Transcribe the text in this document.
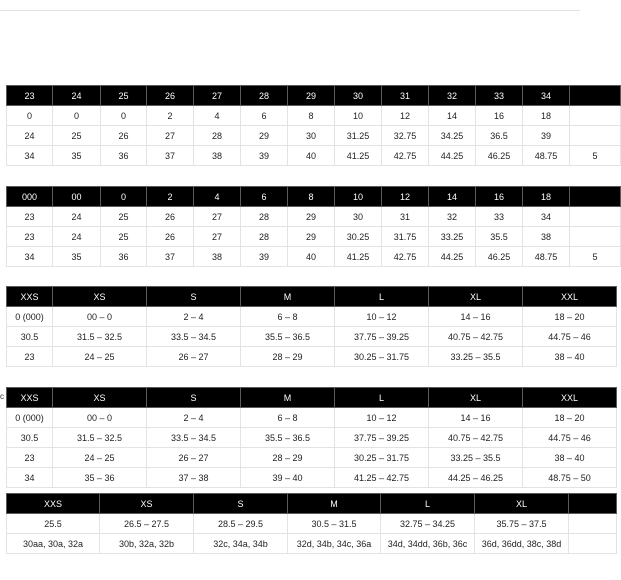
23	24	25	26	27	28	29	30	31	32	33	34	
0	0	0	2	4	6	8	10	12	14	16	18	
24	25	26	27	28	29	30	31.25	32.75	34.25	36.5	39	
34	35	36	37	38	39	40	41.25	42.75	44.25	46.25	48.75	5
000	00	0	2	4	6	8	10	12	14	16	18	
23	24	25	26	27	28	29	30	31	32	33	34	
23	24	25	26	27	28	29	30.25	31.75	33.25	35.5	38	
34	35	36	37	38	39	40	41.25	42.75	44.25	46.25	48.75	5
XXS	XS	S	M	L	XL	XXL
0 (000)	00 – 0	2 – 4	6 – 8	10 – 12	14 – 16	18 – 20
30.5	31.5 – 32.5	33.5 – 34.5	35.5 – 36.5	37.75 – 39.25	40.75 – 42.75	44.75 – 46
23	24 – 25	26 – 27	28 – 29	30.25 – 31.75	33.25 – 35.5	38 – 40
XXS	XS	S	M	L	XL	XXL
0 (000)	00 – 0	2 – 4	6 – 8	10 – 12	14 – 16	18 – 20
30.5	31.5 – 32.5	33.5 – 34.5	35.5 – 36.5	37.75 – 39.25	40.75 – 42.75	44.75 – 46
23	24 – 25	26 – 27	28 – 29	30.25 – 31.75	33.25 – 35.5	38 – 40
34	35 – 36	37 – 38	39 – 40	41.25 – 42.75	44.25 – 46.25	48.75 – 50
XXS	XS	S	M	L	XL	
25.5	26.5 – 27.5	28.5 – 29.5	30.5 – 31.5	32.75 – 34.25	35.75 – 37.5	
30aa, 30a, 32a	30b, 32a, 32b	32c, 34a, 34b	32d, 34b, 34c, 36a	34d, 34dd, 36b, 36c	36d, 36dd, 38c, 38d	
c
